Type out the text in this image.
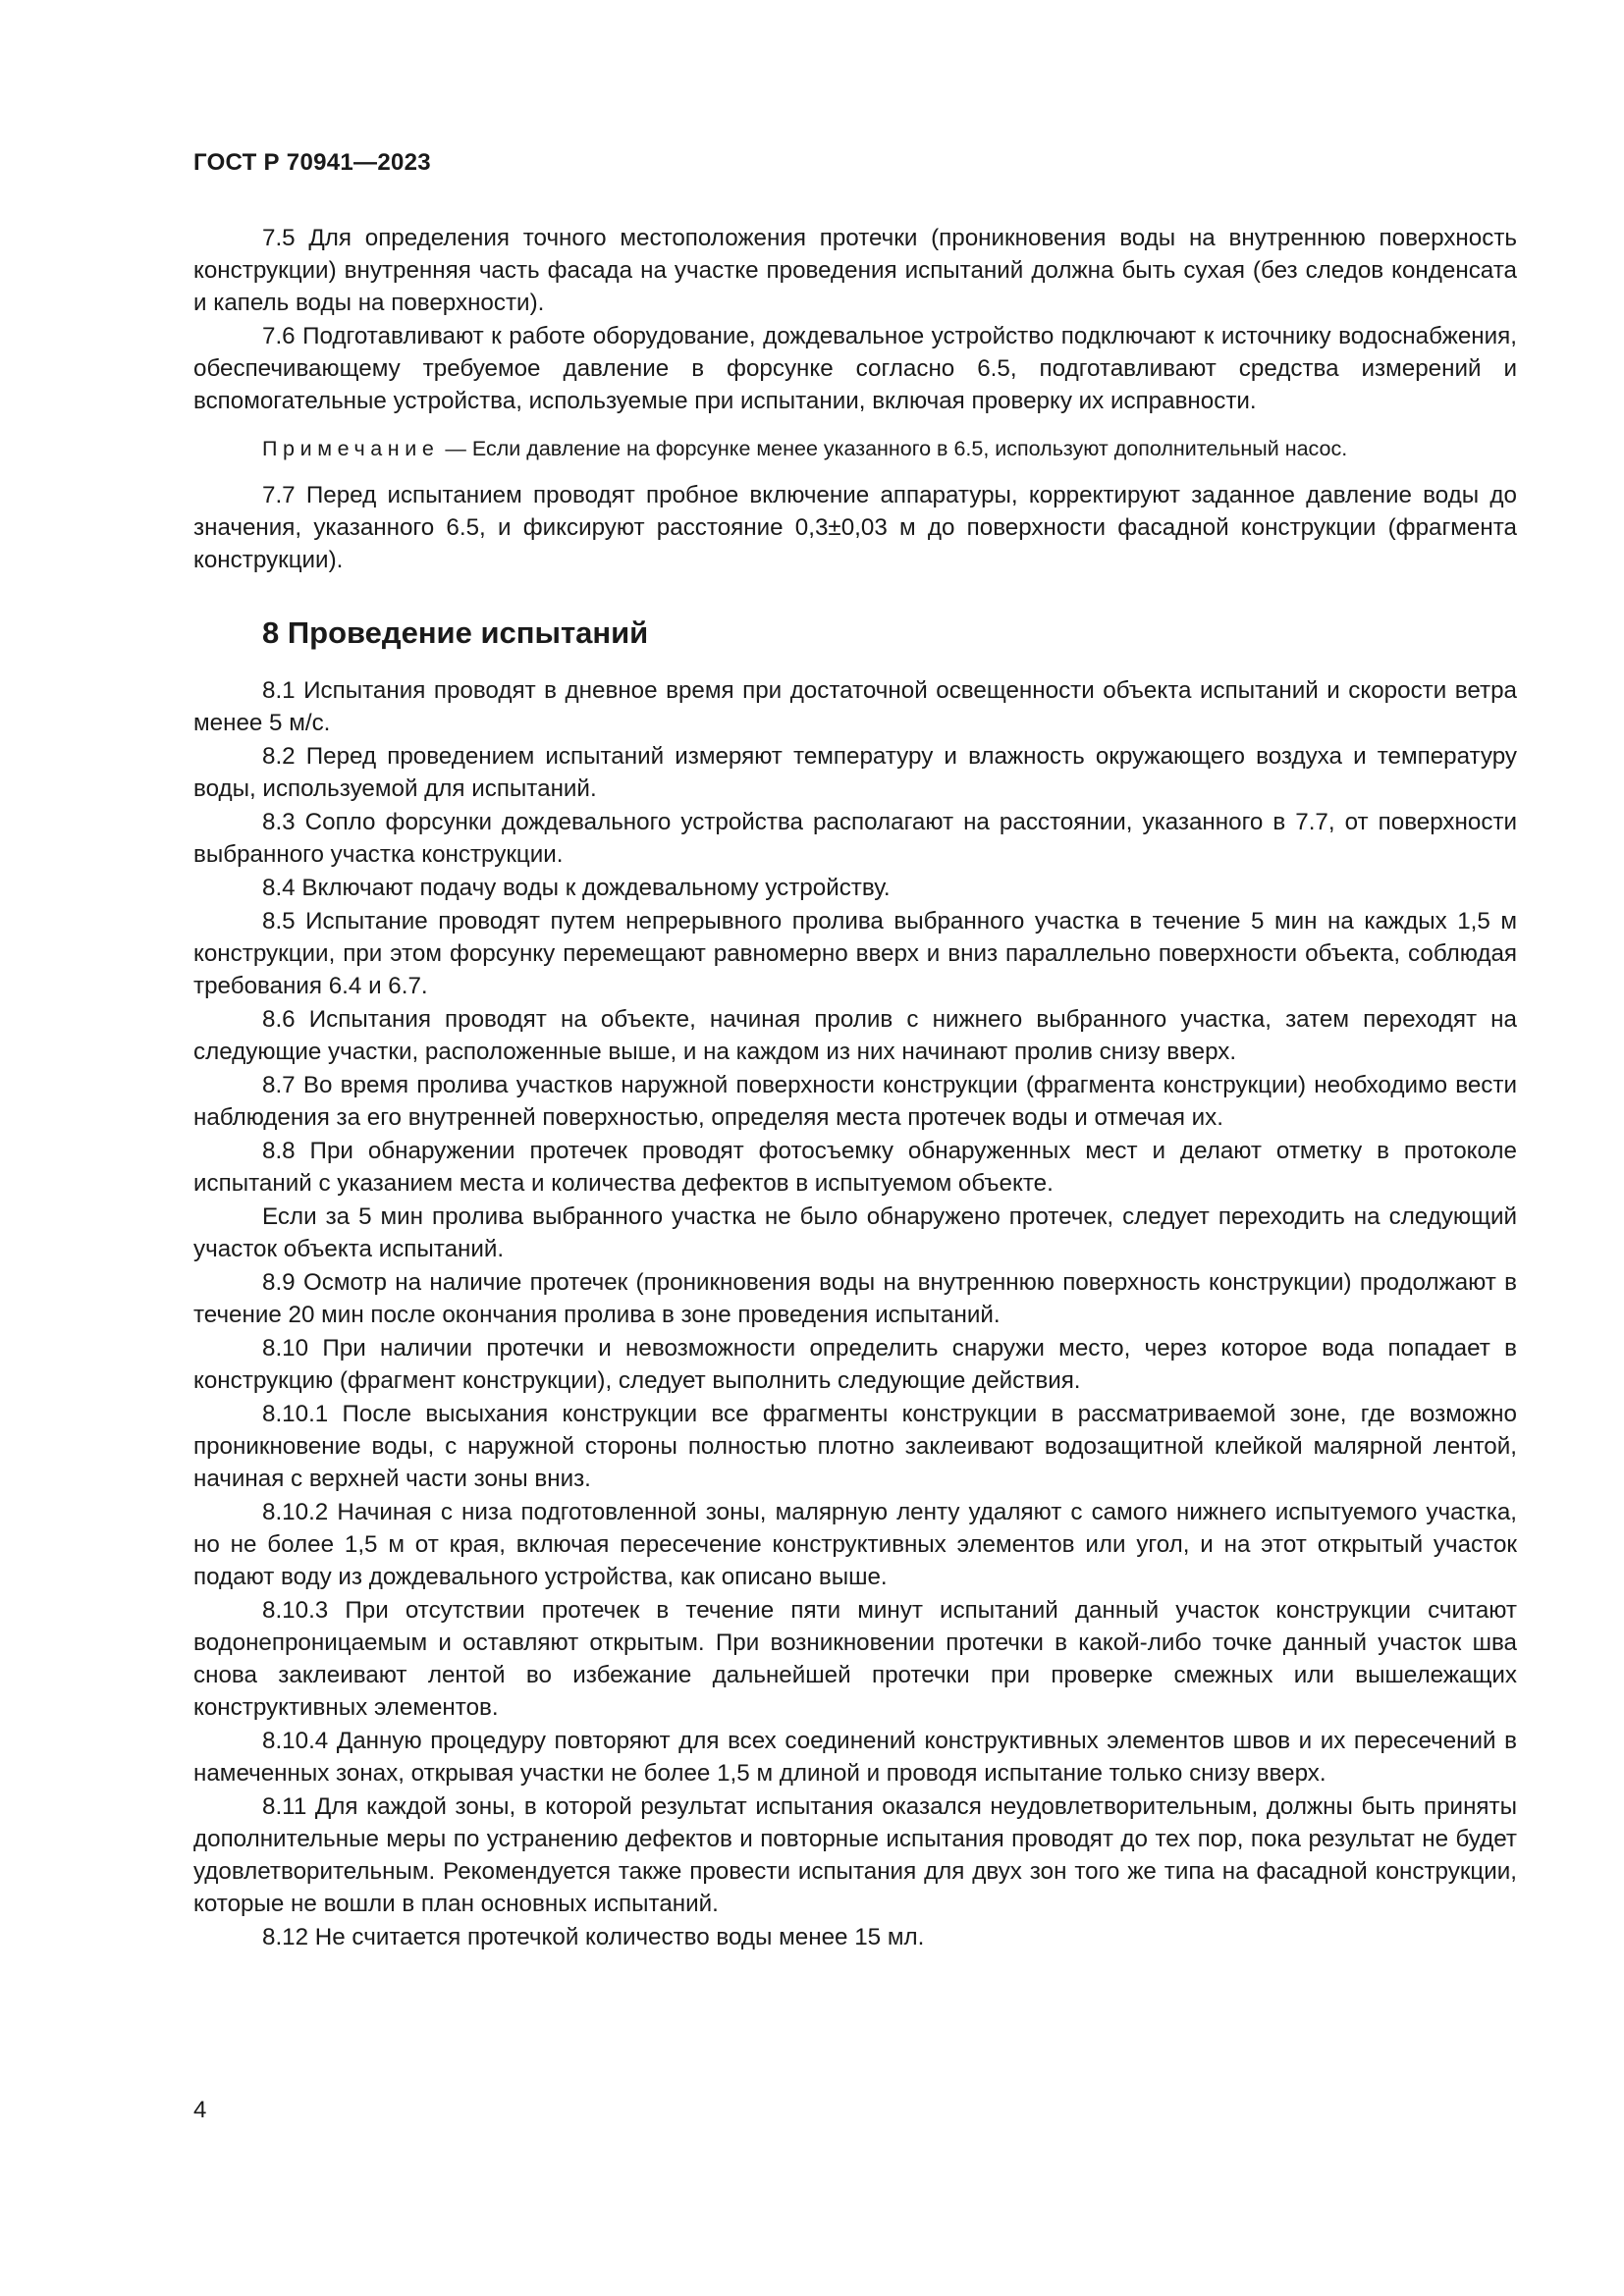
ГОСТ Р 70941—2023

7.5 Для определения точного местоположения протечки (проникновения воды на внутреннюю поверхность конструкции) внутренняя часть фасада на участке проведения испытаний должна быть сухая (без следов конденсата и капель воды на поверхности).

7.6 Подготавливают к работе оборудование, дождевальное устройство подключают к источнику водоснабжения, обеспечивающему требуемое давление в форсунке согласно 6.5, подготавливают средства измерений и вспомогательные устройства, используемые при испытании, включая проверку их исправности.

Примечание — Если давление на форсунке менее указанного в 6.5, используют дополнительный насос.

7.7 Перед испытанием проводят пробное включение аппаратуры, корректируют заданное давление воды до значения, указанного 6.5, и фиксируют расстояние 0,3±0,03 м до поверхности фасадной конструкции (фрагмента конструкции).

8 Проведение испытаний

8.1 Испытания проводят в дневное время при достаточной освещенности объекта испытаний и скорости ветра менее 5 м/с.

8.2 Перед проведением испытаний измеряют температуру и влажность окружающего воздуха и температуру воды, используемой для испытаний.

8.3 Сопло форсунки дождевального устройства располагают на расстоянии, указанного в 7.7, от поверхности выбранного участка конструкции.

8.4 Включают подачу воды к дождевальному устройству.

8.5 Испытание проводят путем непрерывного пролива выбранного участка в течение 5 мин на каждых 1,5 м конструкции, при этом форсунку перемещают равномерно вверх и вниз параллельно поверхности объекта, соблюдая требования 6.4 и 6.7.

8.6 Испытания проводят на объекте, начиная пролив с нижнего выбранного участка, затем переходят на следующие участки, расположенные выше, и на каждом из них начинают пролив снизу вверх.

8.7 Во время пролива участков наружной поверхности конструкции (фрагмента конструкции) необходимо вести наблюдения за его внутренней поверхностью, определяя места протечек воды и отмечая их.

8.8 При обнаружении протечек проводят фотосъемку обнаруженных мест и делают отметку в протоколе испытаний с указанием места и количества дефектов в испытуемом объекте.

Если за 5 мин пролива выбранного участка не было обнаружено протечек, следует переходить на следующий участок объекта испытаний.

8.9 Осмотр на наличие протечек (проникновения воды на внутреннюю поверхность конструкции) продолжают в течение 20 мин после окончания пролива в зоне проведения испытаний.

8.10 При наличии протечки и невозможности определить снаружи место, через которое вода попадает в конструкцию (фрагмент конструкции), следует выполнить следующие действия.

8.10.1 После высыхания конструкции все фрагменты конструкции в рассматриваемой зоне, где возможно проникновение воды, с наружной стороны полностью плотно заклеивают водозащитной клейкой малярной лентой, начиная с верхней части зоны вниз.

8.10.2 Начиная с низа подготовленной зоны, малярную ленту удаляют с самого нижнего испытуемого участка, но не более 1,5 м от края, включая пересечение конструктивных элементов или угол, и на этот открытый участок подают воду из дождевального устройства, как описано выше.

8.10.3 При отсутствии протечек в течение пяти минут испытаний данный участок конструкции считают водонепроницаемым и оставляют открытым. При возникновении протечки в какой-либо точке данный участок шва снова заклеивают лентой во избежание дальнейшей протечки при проверке смежных или вышележащих конструктивных элементов.

8.10.4 Данную процедуру повторяют для всех соединений конструктивных элементов швов и их пересечений в намеченных зонах, открывая участки не более 1,5 м длиной и проводя испытание только снизу вверх.

8.11 Для каждой зоны, в которой результат испытания оказался неудовлетворительным, должны быть приняты дополнительные меры по устранению дефектов и повторные испытания проводят до тех пор, пока результат не будет удовлетворительным. Рекомендуется также провести испытания для двух зон того же типа на фасадной конструкции, которые не вошли в план основных испытаний.

8.12 Не считается протечкой количество воды менее 15 мл.

4
